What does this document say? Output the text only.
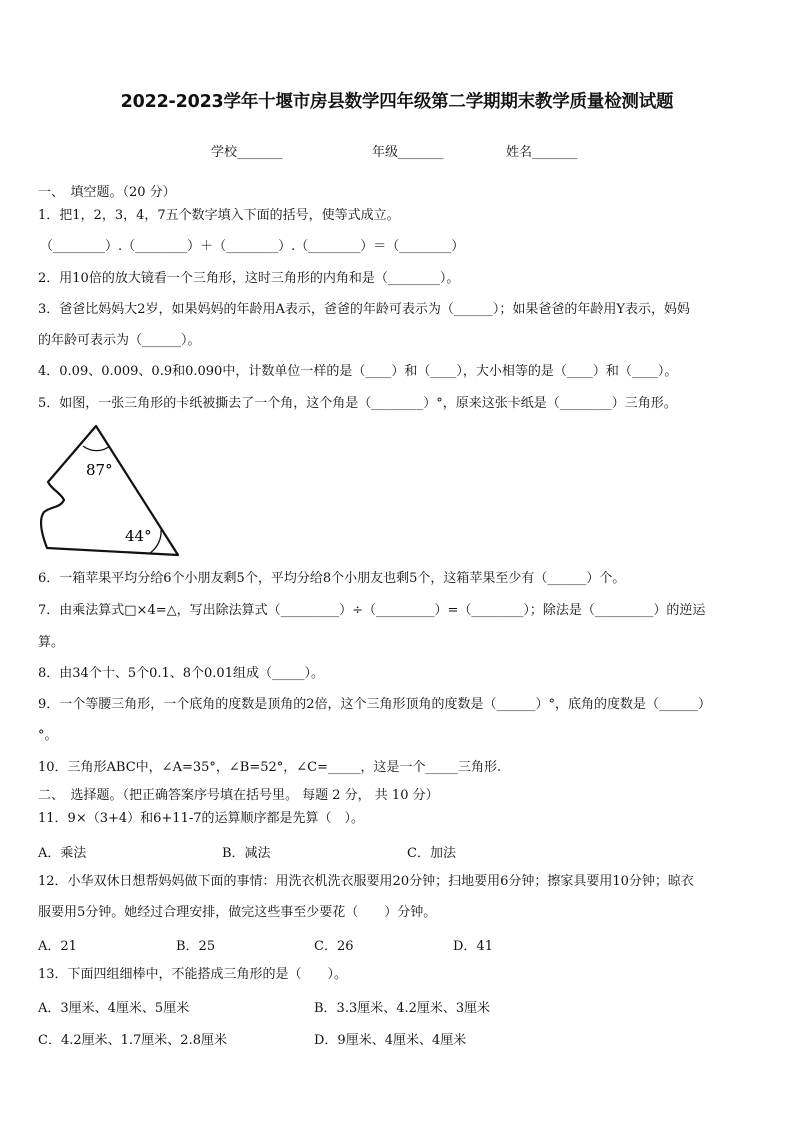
2022-2023学年十堰市房县数学四年级第二学期期末教学质量检测试题
学校_______	年级_______	姓名_______
一、　填空题。（20 分）
1．把1，2，3，4，7五个数字填入下面的括号，使等式成立。
（________）.（________）＋（________）.（________）＝（________）
2．用10倍的放大镜看一个三角形，这时三角形的内角和是（________）。
3．爸爸比妈妈大2岁，如果妈妈的年龄用A表示，爸爸的年龄可表示为（______）；如果爸爸的年龄用Y表示，妈妈
的年龄可表示为（______）。
4．0.09、0.009、0.9和0.090中，计数单位一样的是（____）和（____），大小相等的是（____）和（____）。
5．如图，一张三角形的卡纸被撕去了一个角，这个角是（________）°，原来这张卡纸是（________）三角形。
87°
44°
6．一箱苹果平均分给6个小朋友剩5个，平均分给8个小朋友也剩5个，这箱苹果至少有（______）个。
7．由乘法算式□×4=△，写出除法算式（_________）÷（_________）=（________）；除法是（_________）的逆运
算。
8．由34个十、5个0.1、8个0.01组成（_____）。
9．一个等腰三角形，一个底角的度数是顶角的2倍，这个三角形顶角的度数是（______）°，底角的度数是（______）
°。
10．三角形ABC中，∠A=35°，∠B=52°，∠C=_____，这是一个_____三角形.
二、　选择题。（把正确答案序号填在括号里。 每题 2 分， 共 10 分）
11．9×（3+4）和6+11-7的运算顺序都是先算（　）。
A．乘法	B．减法	C．加法
12．小华双休日想帮妈妈做下面的事情：用洗衣机洗衣服要用20分钟；扫地要用6分钟；擦家具要用10分钟；晾衣
服要用5分钟。她经过合理安排，做完这些事至少要花（　　）分钟。
A．21	B．25	C．26	D．41
13．下面四组细棒中，不能搭成三角形的是（　　）。
A．3厘米、4厘米、5厘米	B．3.3厘米、4.2厘米、3厘米
C．4.2厘米、1.7厘米、2.8厘米	D．9厘米、4厘米、4厘米
